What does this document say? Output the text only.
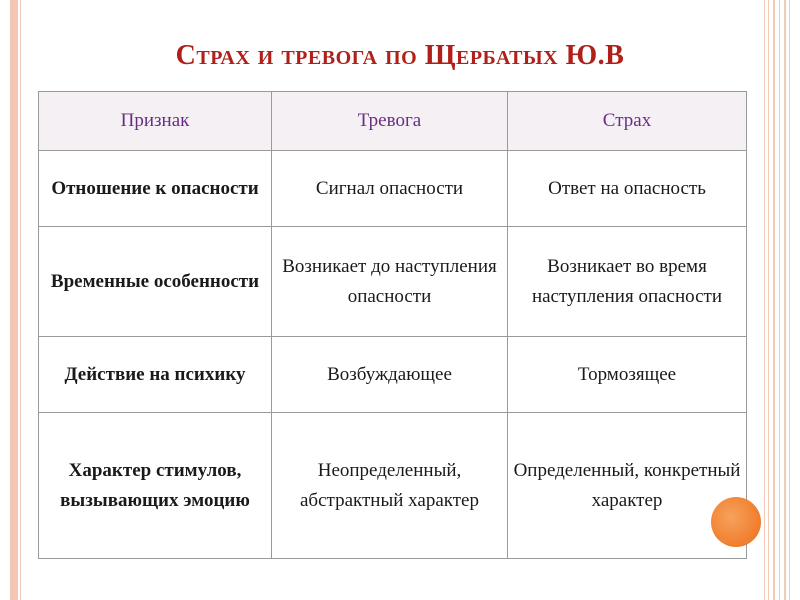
Страх и тревога по Щербатых Ю.В
Признак	Тревога	Страх
Отношение к опасности	Сигнал опасности	Ответ на опасность
Временные особенности	Возникает до наступления опасности	Возникает во время наступления опасности
Действие на психику	Возбуждающее	Тормозящее
Характер стимулов, вызывающих эмоцию	Неопределенный, абстрактный характер	Определенный, конкретный характер
